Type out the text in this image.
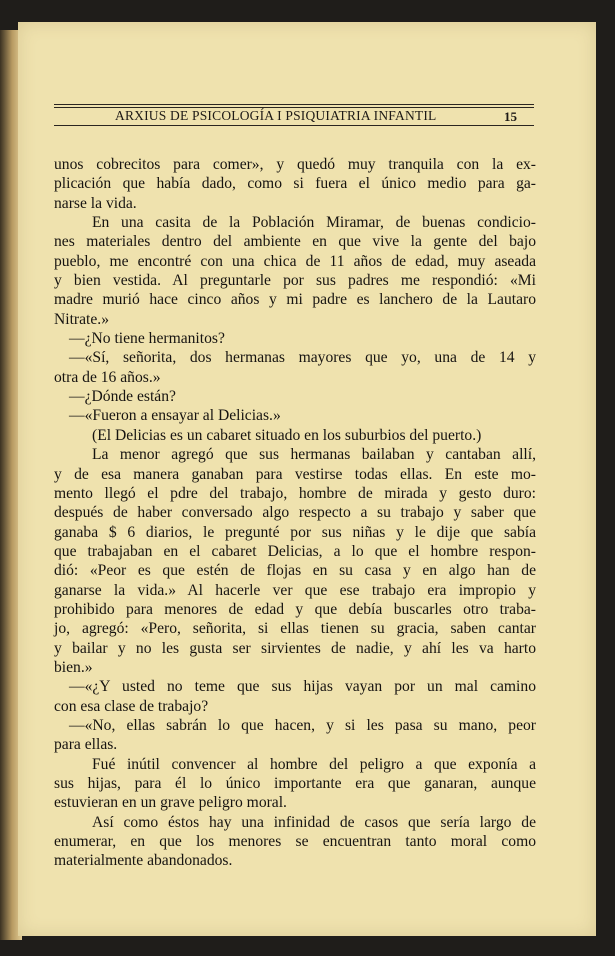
ARXIUS DE PSICOLOGÍA I PSIQUIATRIA INFANTIL	15
unos cobrecitos para comer», y quedó muy tranquila con la ex-
plicación que había dado, como si fuera el único medio para ga-
narse la vida.
En una casita de la Población Miramar, de buenas condicio-
nes materiales dentro del ambiente en que vive la gente del bajo
pueblo, me encontré con una chica de 11 años de edad, muy aseada
y bien vestida. Al preguntarle por sus padres me respondió: «Mi
madre murió hace cinco años y mi padre es lanchero de la Lautaro
Nitrate.»
—¿No tiene hermanitos?
—«Sí, señorita, dos hermanas mayores que yo, una de 14 y
otra de 16 años.»
—¿Dónde están?
—«Fueron a ensayar al Delicias.»
(El Delicias es un cabaret situado en los suburbios del puerto.)
La menor agregó que sus hermanas bailaban y cantaban allí,
y de esa manera ganaban para vestirse todas ellas. En este mo-
mento llegó el pdre del trabajo, hombre de mirada y gesto duro:
después de haber conversado algo respecto a su trabajo y saber que
ganaba $ 6 diarios, le pregunté por sus niñas y le dije que sabía
que trabajaban en el cabaret Delicias, a lo que el hombre respon-
dió: «Peor es que estén de flojas en su casa y en algo han de
ganarse la vida.» Al hacerle ver que ese trabajo era impropio y
prohibido para menores de edad y que debía buscarles otro traba-
jo, agregó: «Pero, señorita, si ellas tienen su gracia, saben cantar
y bailar y no les gusta ser sirvientes de nadie, y ahí les va harto
bien.»
—«¿Y usted no teme que sus hijas vayan por un mal camino
con esa clase de trabajo?
—«No, ellas sabrán lo que hacen, y si les pasa su mano, peor
para ellas.
Fué inútil convencer al hombre del peligro a que exponía a
sus hijas, para él lo único importante era que ganaran, aunque
estuvieran en un grave peligro moral.
Así como éstos hay una infinidad de casos que sería largo de
enumerar, en que los menores se encuentran tanto moral como
materialmente abandonados.
